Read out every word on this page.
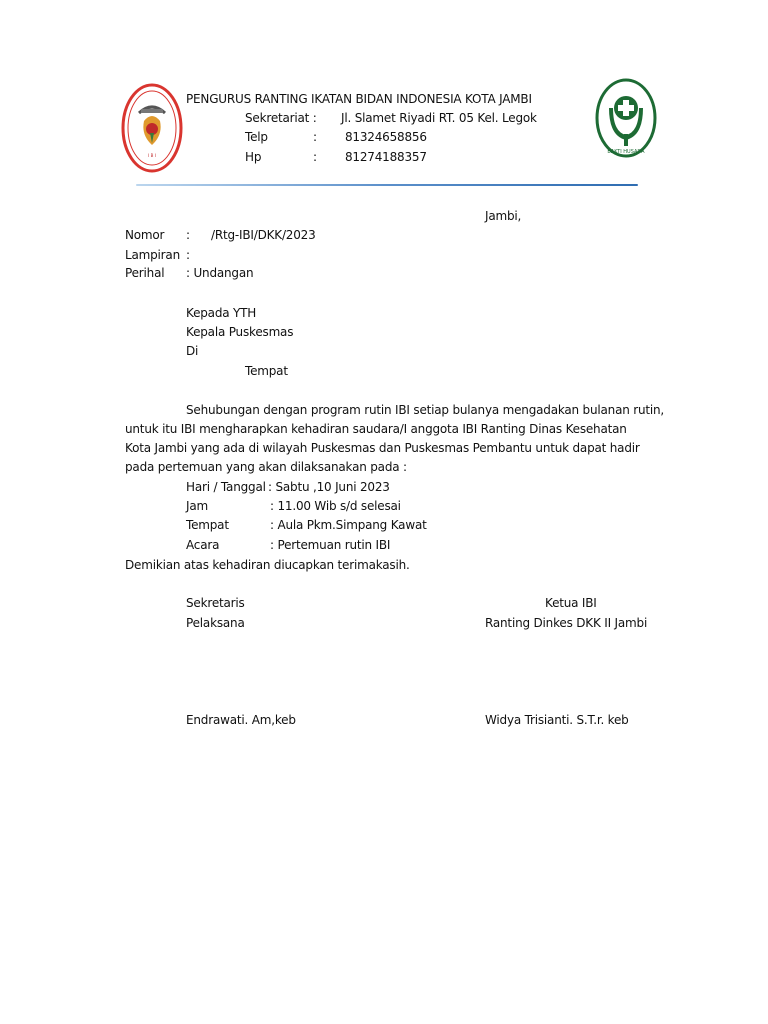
I B I
PENGURUS RANTING IKATAN BIDAN INDONESIA KOTA JAMBI
Sekretariat : Jl. Slamet Riyadi RT. 05 Kel. Legok
Telp	: 81324658856
Hp	: 81274188357	BAKTI HUSADA
Jambi,
Nomor : /Rtg-IBI/DKK/2023
Lampiran :
Perihal : Undangan
Kepada YTH
Kepala Puskesmas
Di
Tempat
Sehubungan dengan program rutin IBI setiap bulanya mengadakan bulanan rutin,
untuk itu IBI mengharapkan kehadiran saudara/I anggota IBI Ranting Dinas Kesehatan
Kota Jambi yang ada di wilayah Puskesmas dan Puskesmas Pembantu untuk dapat hadir
pada pertemuan yang akan dilaksanakan pada :
Hari / Tanggal : Sabtu ,10 Juni 2023
Jam	: 11.00 Wib s/d selesai
Tempat	: Aula Pkm.Simpang Kawat
Acara	: Pertemuan rutin IBI
Demikian atas kehadiran diucapkan terimakasih.
Sekretaris
Pelaksana
Ketua IBI
Ranting Dinkes DKK II Jambi
Endrawati. Am,keb	Widya Trisianti. S.T.r. keb
